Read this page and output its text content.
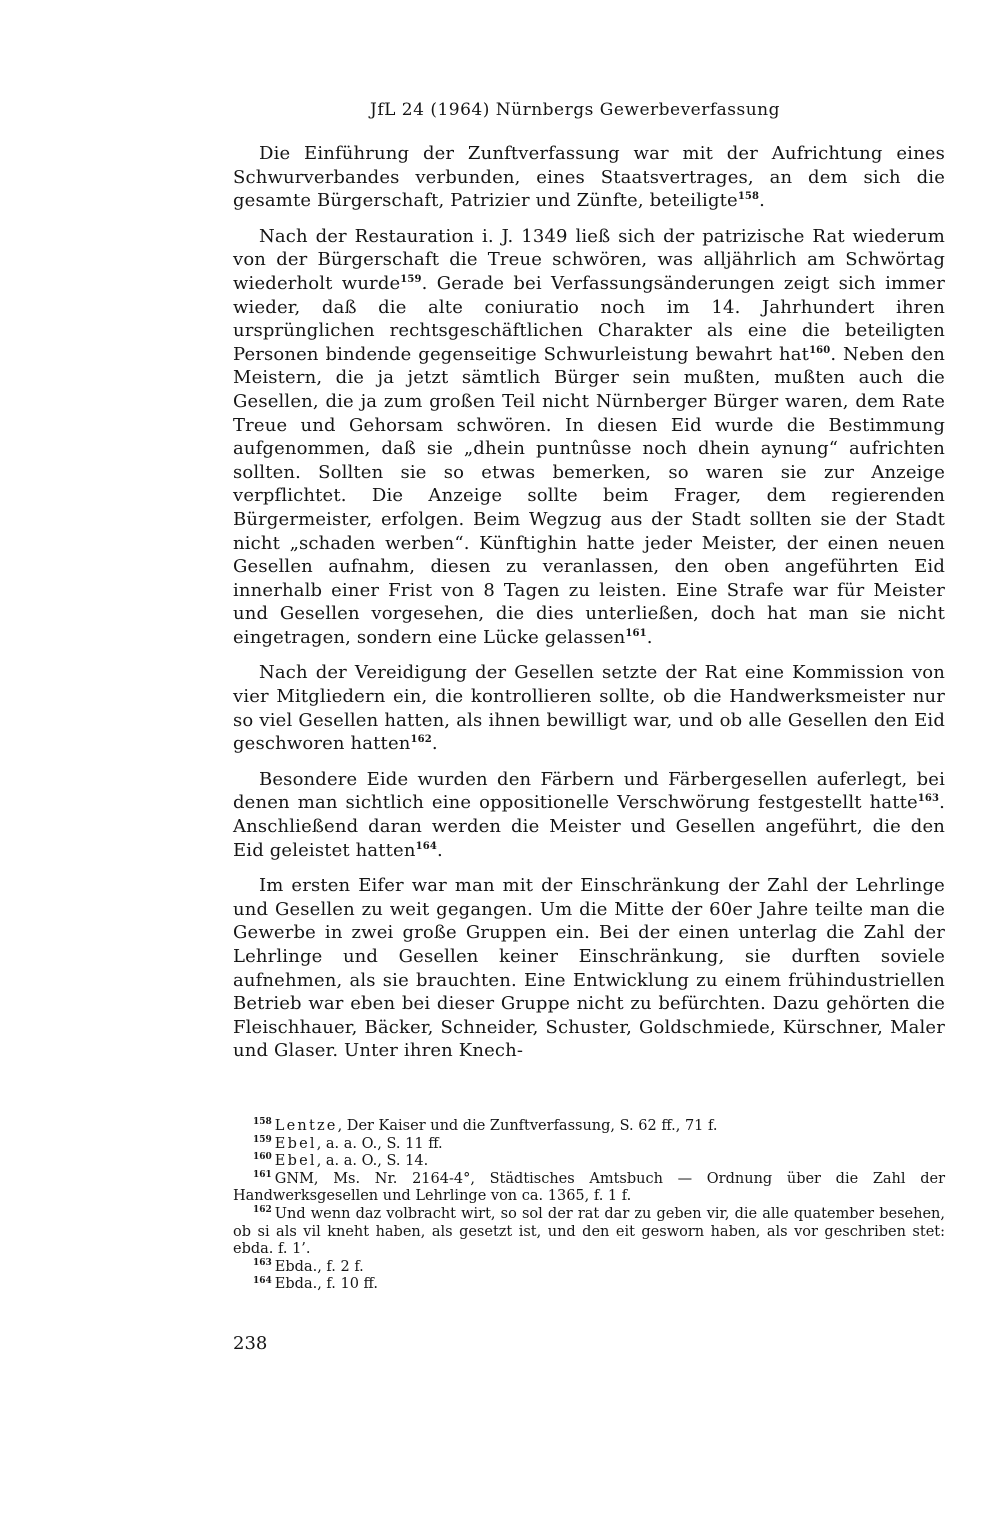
JfL 24 (1964) Nürnbergs Gewerbeverfassung

Die Einführung der Zunftverfassung war mit der Aufrichtung eines Schwurverbandes verbunden, eines Staatsvertrages, an dem sich die gesamte Bürgerschaft, Patrizier und Zünfte, beteiligte$^{158}$.

Nach der Restauration i. J. 1349 ließ sich der patrizische Rat wiederum von der Bürgerschaft die Treue schwören, was alljährlich am Schwörtag wiederholt wurde$^{159}$. Gerade bei Verfassungsänderungen zeigt sich immer wieder, daß die alte coniuratio noch im 14. Jahrhundert ihren ursprünglichen rechtsgeschäftlichen Charakter als eine die beteiligten Personen bindende gegenseitige Schwurleistung bewahrt hat$^{160}$. Neben den Meistern, die ja jetzt sämtlich Bürger sein mußten, mußten auch die Gesellen, die ja zum großen Teil nicht Nürnberger Bürger waren, dem Rate Treue und Gehorsam schwören. In diesen Eid wurde die Bestimmung aufgenommen, daß sie „dhein puntnûsse noch dhein aynung“ aufrichten sollten. Sollten sie so etwas bemerken, so waren sie zur Anzeige verpflichtet. Die Anzeige sollte beim Frager, dem regierenden Bürgermeister, erfolgen. Beim Wegzug aus der Stadt sollten sie der Stadt nicht „schaden werben“. Künftighin hatte jeder Meister, der einen neuen Gesellen aufnahm, diesen zu veranlassen, den oben angeführten Eid innerhalb einer Frist von 8 Tagen zu leisten. Eine Strafe war für Meister und Gesellen vorgesehen, die dies unterließen, doch hat man sie nicht eingetragen, sondern eine Lücke gelassen$^{161}$.

Nach der Vereidigung der Gesellen setzte der Rat eine Kommission von vier Mitgliedern ein, die kontrollieren sollte, ob die Handwerksmeister nur so viel Gesellen hatten, als ihnen bewilligt war, und ob alle Gesellen den Eid geschworen hatten$^{162}$.

Besondere Eide wurden den Färbern und Färbergesellen auferlegt, bei denen man sichtlich eine oppositionelle Verschwörung festgestellt hatte$^{163}$. Anschließend daran werden die Meister und Gesellen angeführt, die den Eid geleistet hatten$^{164}$.

Im ersten Eifer war man mit der Einschränkung der Zahl der Lehrlinge und Gesellen zu weit gegangen. Um die Mitte der 60er Jahre teilte man die Gewerbe in zwei große Gruppen ein. Bei der einen unterlag die Zahl der Lehrlinge und Gesellen keiner Einschränkung, sie durften soviele aufnehmen, als sie brauchten. Eine Entwicklung zu einem frühindustriellen Betrieb war eben bei dieser Gruppe nicht zu befürchten. Dazu gehörten die Fleischhauer, Bäcker, Schneider, Schuster, Goldschmiede, Kürschner, Maler und Glaser. Unter ihren Knech-

$^{158}$ Lentze, Der Kaiser und die Zunftverfassung, S. 62 ff., 71 f.

$^{159}$ Ebel, a. a. O., S. 11 ff.

$^{160}$ Ebel, a. a. O., S. 14.

$^{161}$ GNM, Ms. Nr. 2164-4°, Städtisches Amtsbuch — Ordnung über die Zahl der Handwerksgesellen und Lehrlinge von ca. 1365, f. 1 f.

$^{162}$ Und wenn daz volbracht wirt, so sol der rat dar zu geben vir, die alle quatember besehen, ob si als vil kneht haben, als gesetzt ist, und den eit gesworn haben, als vor geschriben stet: ebda. f. 1’.

$^{163}$ Ebda., f. 2 f.

$^{164}$ Ebda., f. 10 ff.

238
